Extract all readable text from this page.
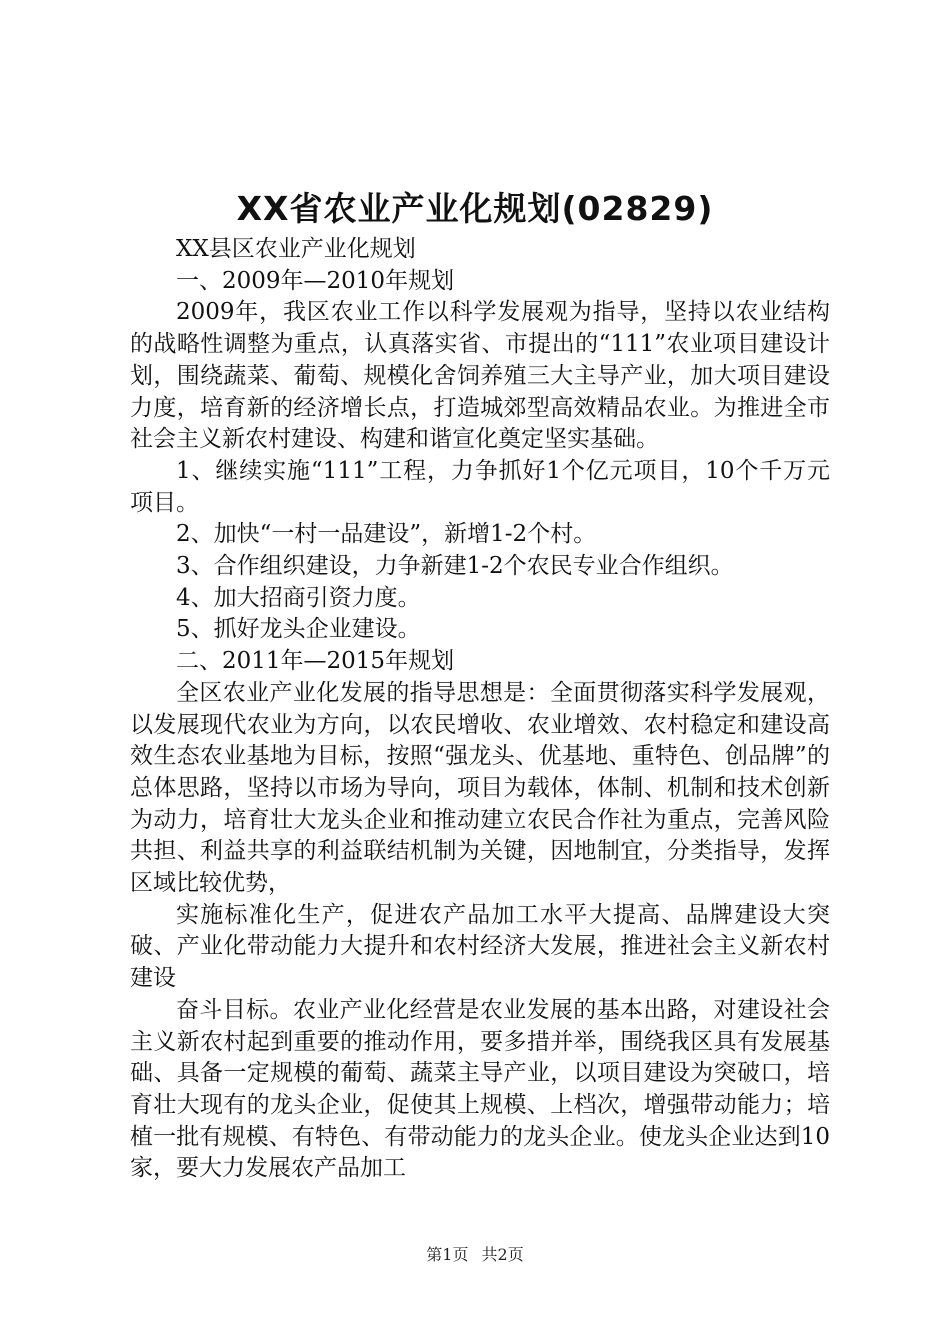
XX省农业产业化规划(02829)

XX县区农业产业化规划

一、2009年—2010年规划

2009年，我区农业工作以科学发展观为指导，坚持以农业结构的战略性调整为重点，认真落实省、市提出的“111”农业项目建设计划，围绕蔬菜、葡萄、规模化舍饲养殖三大主导产业，加大项目建设力度，培育新的经济增长点，打造城郊型高效精品农业。为推进全市社会主义新农村建设、构建和谐宣化奠定坚实基础。

1、继续实施“111”工程，力争抓好1个亿元项目，10个千万元项目。

2、加快“一村一品建设”，新增1-2个村。

3、合作组织建设，力争新建1-2个农民专业合作组织。

4、加大招商引资力度。

5、抓好龙头企业建设。

二、2011年—2015年规划

全区农业产业化发展的指导思想是：全面贯彻落实科学发展观，以发展现代农业为方向，以农民增收、农业增效、农村稳定和建设高效生态农业基地为目标，按照“强龙头、优基地、重特色、创品牌”的总体思路，坚持以市场为导向，项目为载体，体制、机制和技术创新为动力，培育壮大龙头企业和推动建立农民合作社为重点，完善风险共担、利益共享的利益联结机制为关键，因地制宜，分类指导，发挥区域比较优势，

实施标准化生产，促进农产品加工水平大提高、品牌建设大突破、产业化带动能力大提升和农村经济大发展，推进社会主义新农村建设

奋斗目标。农业产业化经营是农业发展的基本出路，对建设社会主义新农村起到重要的推动作用，要多措并举，围绕我区具有发展基础、具备一定规模的葡萄、蔬菜主导产业，以项目建设为突破口，培育壮大现有的龙头企业，促使其上规模、上档次，增强带动能力；培植一批有规模、有特色、有带动能力的龙头企业。使龙头企业达到10家，要大力发展农产品加工

第1页 共2页
